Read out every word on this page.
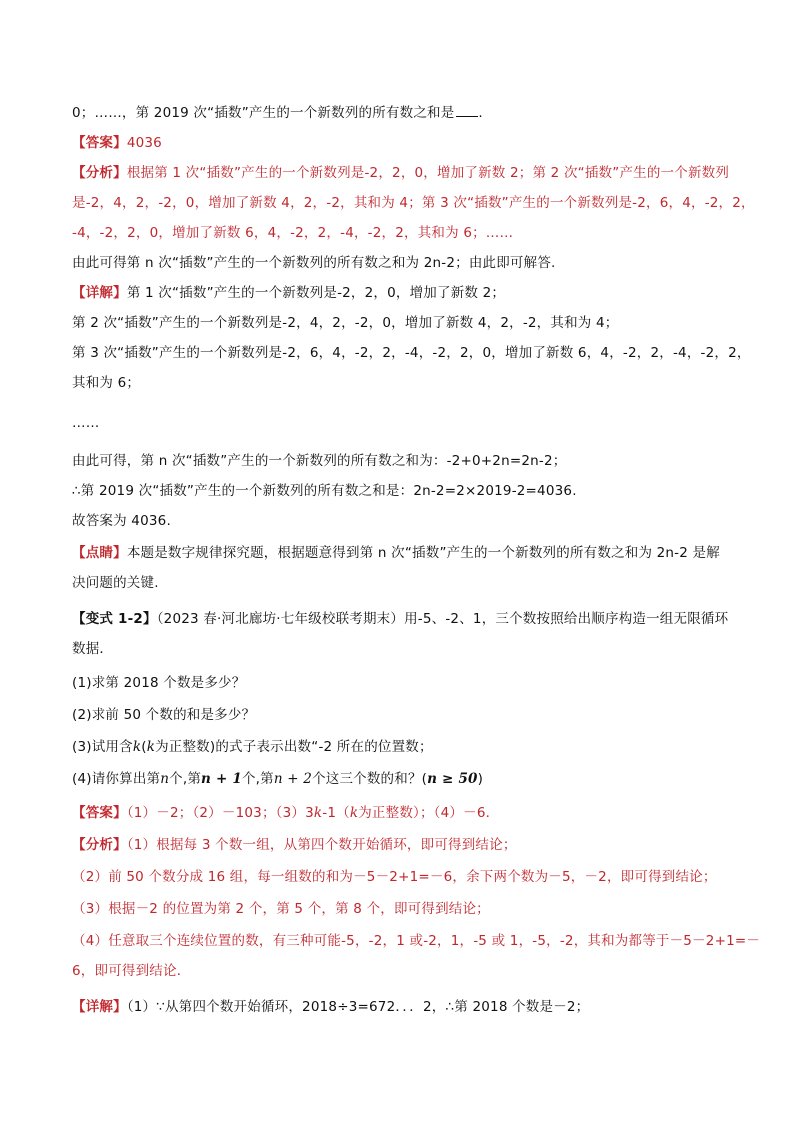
0；……，第 2019 次“插数”产生的一个新数列的所有数之和是 .
【答案】4036
【分析】根据第 1 次“插数”产生的一个新数列是-2，2，0，增加了新数 2；第 2 次“插数”产生的一个新数列
是-2，4，2，-2，0，增加了新数 4，2，-2，其和为 4；第 3 次“插数”产生的一个新数列是-2，6，4，-2，2，
-4，-2，2，0，增加了新数 6，4，-2，2，-4，-2，2，其和为 6；……
由此可得第 n 次“插数”产生的一个新数列的所有数之和为 2n-2；由此即可解答.
【详解】第 1 次“插数”产生的一个新数列是-2，2，0，增加了新数 2；
第 2 次“插数”产生的一个新数列是-2，4，2，-2，0，增加了新数 4，2，-2，其和为 4；
第 3 次“插数”产生的一个新数列是-2，6，4，-2，2，-4，-2，2，0，增加了新数 6，4，-2，2，-4，-2，2，
其和为 6；
……
由此可得，第 n 次“插数”产生的一个新数列的所有数之和为：-2+0+2n=2n-2；
∴第 2019 次“插数”产生的一个新数列的所有数之和是：2n-2=2×2019-2=4036.
故答案为 4036.
【点睛】本题是数字规律探究题，根据题意得到第 n 次“插数”产生的一个新数列的所有数之和为 2n-2 是解
决问题的关键.
【变式 1-2】（2023 春·河北廊坊·七年级校联考期末）用-5、-2、1，三个数按照给出顺序构造一组无限循环
数据．
(1)求第 2018 个数是多少？
(2)求前 50 个数的和是多少？
(3)试用含k(k为正整数)的式子表示出数“-2 所在的位置数；
(4)请你算出第n个,第n + 1个,第n + 2个这三个数的和？(n ≥ 50)
【答案】（1）－2；（2）－103；（3）3k-1（k为正整数）；（4）－6．
【分析】（1）根据每 3 个数一组，从第四个数开始循环，即可得到结论；
（2）前 50 个数分成 16 组，每一组数的和为－5－2+1=－6，余下两个数为－5，－2，即可得到结论；
（3）根据－2 的位置为第 2 个，第 5 个，第 8 个，即可得到结论；
（4）任意取三个连续位置的数，有三种可能-5，-2，1 或-2，1，-5 或 1，-5，-2，其和为都等于－5－2+1=－
6，即可得到结论．
【详解】（1）∵从第四个数开始循环，2018÷3=672．．．2，∴第 2018 个数是－2；
